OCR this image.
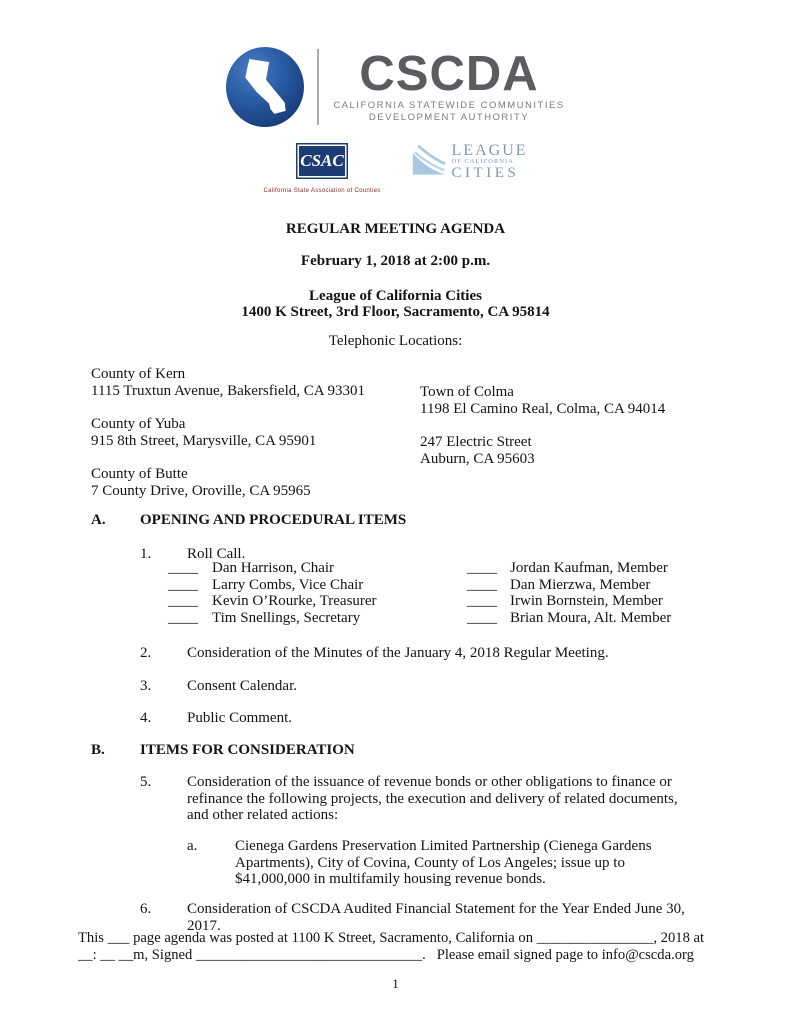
CSCDA
CALIFORNIA STATEWIDE COMMUNITIES
DEVELOPMENT AUTHORITY
CSAC
California State Association of Counties
LEAGUE
OF CALIFORNIA
CITIES
REGULAR MEETING AGENDA
February 1, 2018 at 2:00 p.m.
League of California Cities
1400 K Street, 3rd Floor, Sacramento, CA 95814
Telephonic Locations:
County of Kern
1115 Truxtun Avenue, Bakersfield, CA 93301
County of Yuba
915 8th Street, Marysville, CA 95901
County of Butte
7 County Drive, Oroville, CA 95965
Town of Colma
1198 El Camino Real, Colma, CA 94014
247 Electric Street
Auburn, CA 95603
A.	OPENING AND PROCEDURAL ITEMS
1.	Roll Call.
____ Dan Harrison, Chair	____ Jordan Kaufman, Member
____ Larry Combs, Vice Chair	____ Dan Mierzwa, Member
____ Kevin O’Rourke, Treasurer	____ Irwin Bornstein, Member
____ Tim Snellings, Secretary	____ Brian Moura, Alt. Member
2.	Consideration of the Minutes of the January 4, 2018 Regular Meeting.
3.	Consent Calendar.
4.	Public Comment.
B.	ITEMS FOR CONSIDERATION
5.	Consideration of the issuance of revenue bonds or other obligations to finance or refinance the following projects, the execution and delivery of related documents, and other related actions:
a.	Cienega Gardens Preservation Limited Partnership (Cienega Gardens Apartments), City of Covina, County of Los Angeles; issue up to $41,000,000 in multifamily housing revenue bonds.
6.	Consideration of CSCDA Audited Financial Statement for the Year Ended June 30, 2017.
This ___ page agenda was posted at 1100 K Street, Sacramento, California on ________________, 2018 at
__: __ __m, Signed _______________________________.   Please email signed page to info@cscda.org
1
